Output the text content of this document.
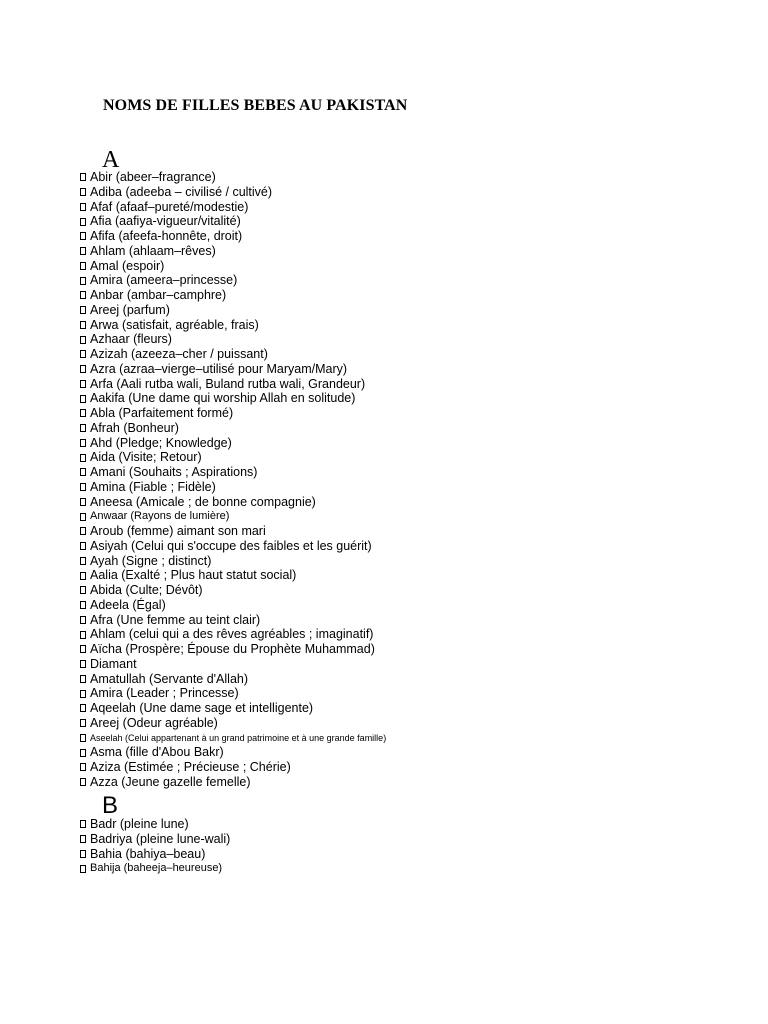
NOMS DE FILLES BEBES AU PAKISTAN
A
Abir (abeer–fragrance)
Adiba (adeeba – civilisé / cultivé)
Afaf (afaaf–pureté/modestie)
Afia (aafiya-vigueur/vitalité)
Afifa (afeefa-honnête, droit)
Ahlam (ahlaam–rêves)
Amal (espoir)
Amira (ameera–princesse)
Anbar (ambar–camphre)
Areej (parfum)
Arwa (satisfait, agréable, frais)
Azhaar (fleurs)
Azizah (azeeza–cher / puissant)
Azra (azraa–vierge–utilisé pour Maryam/Mary)
Arfa (Aali rutba wali, Buland rutba wali, Grandeur)
Aakifa (Une dame qui worship Allah en solitude)
Abla (Parfaitement formé)
Afrah (Bonheur)
Ahd (Pledge; Knowledge)
Aida (Visite; Retour)
Amani (Souhaits ; Aspirations)
Amina (Fiable ; Fidèle)
Aneesa (Amicale ; de bonne compagnie)
Anwaar (Rayons de lumière)
Aroub (femme) aimant son mari
Asiyah (Celui qui s'occupe des faibles et les guérit)
Ayah (Signe ; distinct)
Aalia (Exalté ; Plus haut statut social)
Abida (Culte; Dévôt)
Adeela (Égal)
Afra (Une femme au teint clair)
Ahlam (celui qui a des rêves agréables ; imaginatif)
Aïcha (Prospère; Épouse du Prophète Muhammad)
Diamant
Amatullah (Servante d'Allah)
Amira (Leader ; Princesse)
Aqeelah (Une dame sage et intelligente)
Areej (Odeur agréable)
Aseelah (Celui appartenant à un grand patrimoine et à une grande famille)
Asma (fille d'Abou Bakr)
Aziza (Estimée ; Précieuse ; Chérie)
Azza (Jeune gazelle femelle)
B
Badr (pleine lune)
Badriya (pleine lune-wali)
Bahia (bahiya–beau)
Bahija (baheeja–heureuse)
